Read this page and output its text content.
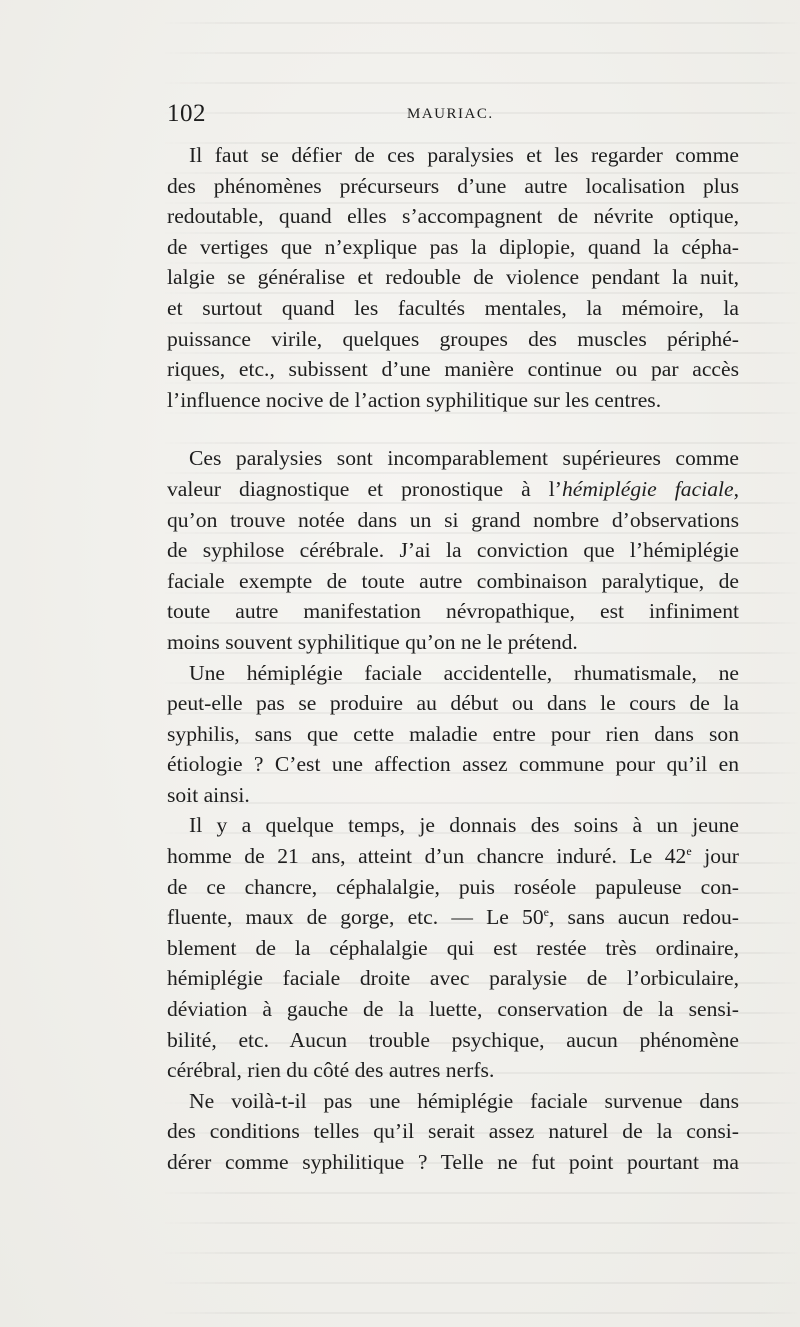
102	MAURIAC.
Il faut se défier de ces paralysies et les regarder comme
des phénomènes précurseurs d’une autre localisation plus
redoutable, quand elles s’accompagnent de névrite optique,
de vertiges que n’explique pas la diplopie, quand la cépha-
lalgie se généralise et redouble de violence pendant la nuit,
et surtout quand les facultés mentales, la mémoire, la
puissance virile, quelques groupes des muscles périphé-
riques, etc., subissent d’une manière continue ou par accès
l’influence nocive de l’action syphilitique sur les centres.
Ces paralysies sont incomparablement supérieures comme
valeur diagnostique et pronostique à l’hémiplégie faciale,
qu’on trouve notée dans un si grand nombre d’observations
de syphilose cérébrale. J’ai la conviction que l’hémiplégie
faciale exempte de toute autre combinaison paralytique, de
toute autre manifestation névropathique, est infiniment
moins souvent syphilitique qu’on ne le prétend.
Une hémiplégie faciale accidentelle, rhumatismale, ne
peut-elle pas se produire au début ou dans le cours de la
syphilis, sans que cette maladie entre pour rien dans son
étiologie ? C’est une affection assez commune pour qu’il en
soit ainsi.
Il y a quelque temps, je donnais des soins à un jeune
homme de 21 ans, atteint d’un chancre induré. Le 42e jour
de ce chancre, céphalalgie, puis roséole papuleuse con-
fluente, maux de gorge, etc. — Le 50e, sans aucun redou-
blement de la céphalalgie qui est restée très ordinaire,
hémiplégie faciale droite avec paralysie de l’orbiculaire,
déviation à gauche de la luette, conservation de la sensi-
bilité, etc. Aucun trouble psychique, aucun phénomène
cérébral, rien du côté des autres nerfs.
Ne voilà-t-il pas une hémiplégie faciale survenue dans
des conditions telles qu’il serait assez naturel de la consi-
dérer comme syphilitique ? Telle ne fut point pourtant ma
